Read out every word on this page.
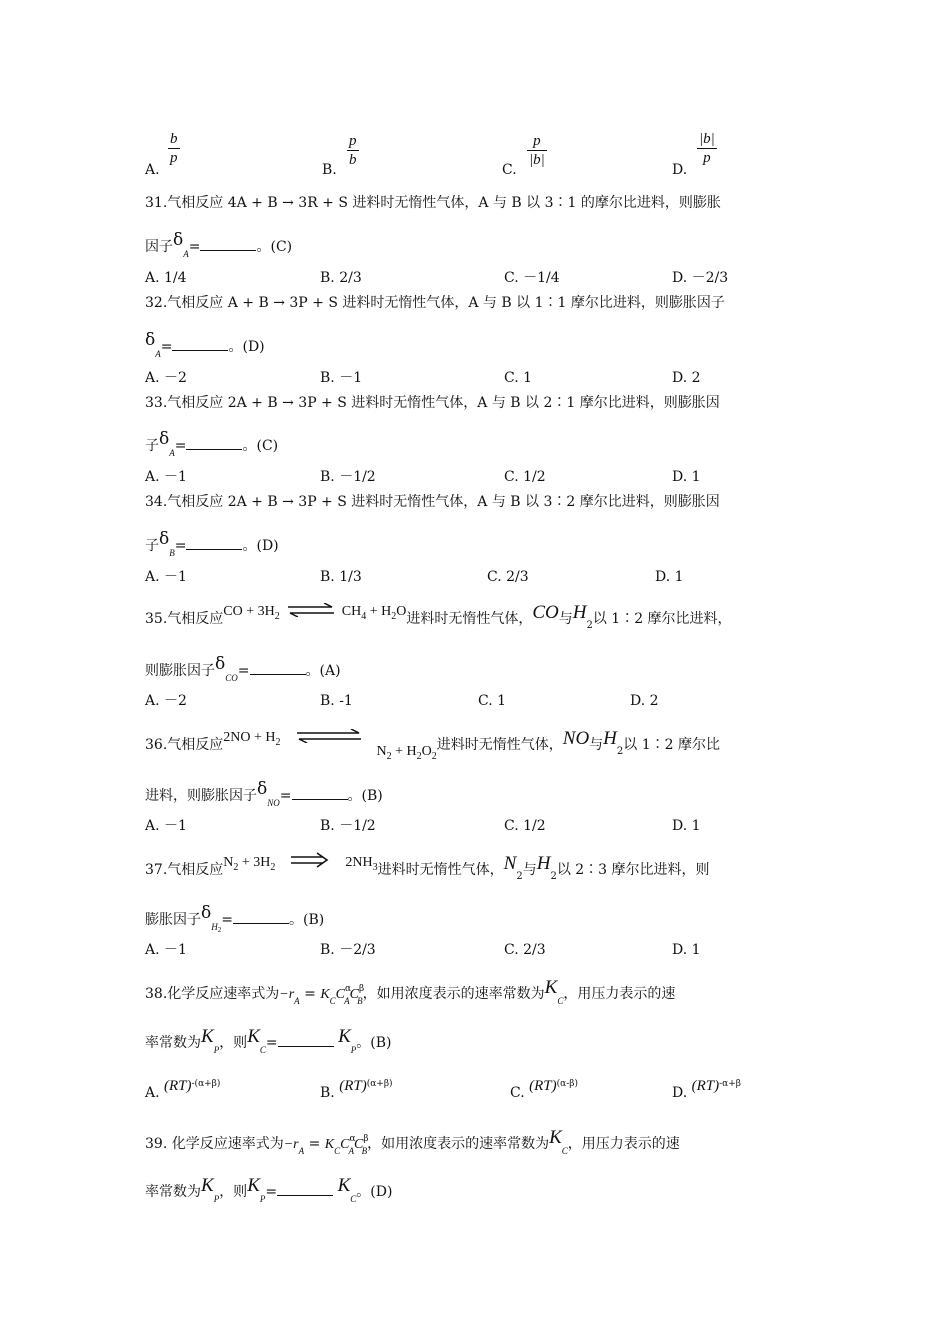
A.
$\frac{b}{p}$
B.
$\frac{p}{b}$
C.
$\frac{p}{|b|}$
D.
$\frac{|b|}{p}$
31.气相反应 4A + B → 3R + S 进料时无惰性气体，A 与 B 以 3∶1 的摩尔比进料，则膨胀
因子$\delta_A=$	。(C)
A. 1/4	B. 2/3	C. －1/4	D. －2/3
32.气相反应 A + B → 3P + S 进料时无惰性气体，A 与 B 以 1∶1 摩尔比进料，则膨胀因子
$\delta_A=$	。(D)
A. －2	B. －1	C. 1	D. 2
33.气相反应 2A + B → 3P + S 进料时无惰性气体，A 与 B 以 2∶1 摩尔比进料，则膨胀因
子$\delta_A=$	。(C)
A. －1	B. －1/2	C. 1/2	D. 1
34.气相反应 2A + B → 3P + S 进料时无惰性气体，A 与 B 以 3∶2 摩尔比进料，则膨胀因
子$\delta_B=$	。(D)
A. －1	B. 1/3	C. 2/3	D. 1
35.气相反应CO + $3H_2$ ⇌ $CH_4 + H_2O$进料时无惰性气体，CO与$H_2$以 1∶2 摩尔比进料，
则膨胀因子$\delta_{CO}=$	。(A)
A. －2	B. -1	C. 1	D. 2
36.气相反应$2NO + H_2N_2 + H_2O_2$进料时无惰性气体，NO与$H_2$以 1∶2 摩尔比
进料，则膨胀因子$\delta_{NO}=$	。(B)
A. －1	B. －1/2	C. 1/2	D. 1
37.气相反应$N_2 + 3H_2$	$2NH_3$进料时无惰性气体，$N_2$与$H_2$以 2∶3 摩尔比进料，则
膨胀因子$\delta_{H2}=$	。(B)
A. －1	B. －2/3	C. 2/3	D. 1
38.化学反应速率式为$-r_A = K_CC^\alpha_AC^\beta_B$，如用浓度表示的速率常数为$K_C$，用压力表示的速
率常数为$K_P$，则$K_C=$	$K_P$。(B)
A. (RT)$^{-(\alpha+\beta)}$
B. (RT)$^{(\alpha+\beta)}$
C. (RT)$^{(\alpha-\beta)}$
D. (RT)$^{-\alpha+\beta}$
39. 化学反应速率式为$-r_A = K_CC^\alpha_AC^\beta_B$，如用浓度表示的速率常数为$K_C$，用压力表示的速
率常数为$K_P$，则$K_P=$	$K_C$。(D)
